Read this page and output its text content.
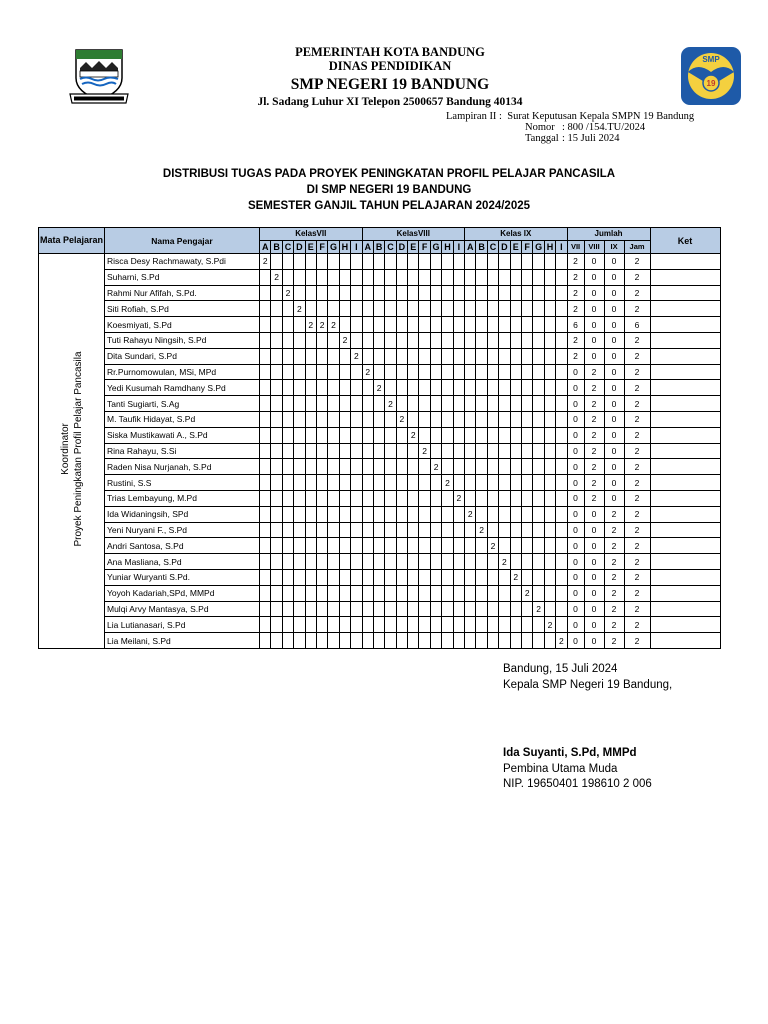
SMP
19
PEMERINTAH KOTA BANDUNG
DINAS PENDIDIKAN
SMP NEGERI 19 BANDUNG
Jl. Sadang Luhur XI Telepon 2500657 Bandung 40134
Lampiran II :
Surat Keputusan Kepala SMPN 19 Bandung
Nomor : 800 /154.TU/2024
Tanggal : 15 Juli 2024
DISTRIBUSI TUGAS PADA PROYEK PENINGKATAN PROFIL PELAJAR PANCASILA
DI SMP NEGERI 19 BANDUNG
SEMESTER GANJIL TAHUN PELAJARAN 2024/2025
Mata Pelajaran	Nama Pengajar	KelasVII									KelasVIII									Kelas IX									Jumlah				Ket
		A	B	C	D	E	F	G	H	I	A	B	C	D	E	F	G	H	I	A	B	C	D	E	F	G	H	I	VII	VIII	IX	Jam	

Koordinator Proyek Peningkatan Profil Pelajar Pancasila	Risca Desy Rachmawaty, S.Pdi	2																											2	0	0	2	
	Suharni, S.Pd		2																										2	0	0	2	
	Rahmi Nur Afifah, S.Pd.			2																									2	0	0	2	
	Siti Rofiah, S.Pd				2																								2	0	0	2	
	Koesmiyati, S.Pd					2	2	2																					6	0	0	6	
	Tuti Rahayu Ningsih, S.Pd								2																				2	0	0	2	
	Dita Sundari, S.Pd									2																			2	0	0	2	
	Rr.Purnomowulan, MSi, MPd										2																		0	2	0	2	
	Yedi Kusumah Ramdhany S.Pd											2																	0	2	0	2	
	Tanti Sugiarti, S.Ag												2																0	2	0	2	
	M. Taufik Hidayat, S.Pd													2															0	2	0	2	
	Siska Mustikawati A., S.Pd														2														0	2	0	2	
	Rina Rahayu, S.Si															2													0	2	0	2	
	Raden Nisa Nurjanah, S.Pd																2												0	2	0	2	
	Rustini, S.S																	2											0	2	0	2	
	Trias Lembayung, M.Pd																		2										0	2	0	2	
	Ida Widaningsih, SPd																			2									0	0	2	2	
	Yeni Nuryani F., S.Pd																				2								0	0	2	2	
	Andri Santosa, S.Pd																					2							0	0	2	2	
	Ana Masliana, S.Pd																						2						0	0	2	2	
	Yuniar Wuryanti S.Pd.																							2					0	0	2	2	
	Yoyoh Kadariah,SPd, MMPd																								2				0	0	2	2	
	Mulqi Arvy Mantasya, S.Pd																									2			0	0	2	2	
	Lia Lutianasari, S.Pd																										2		0	0	2	2	
	Lia Meilani, S.Pd																											2	0	0	2	2	
Bandung, 15 Juli 2024
Kepala SMP Negeri 19 Bandung,
Ida Suyanti, S.Pd, MMPd
Pembina Utama Muda
NIP. 19650401 198610 2 006
